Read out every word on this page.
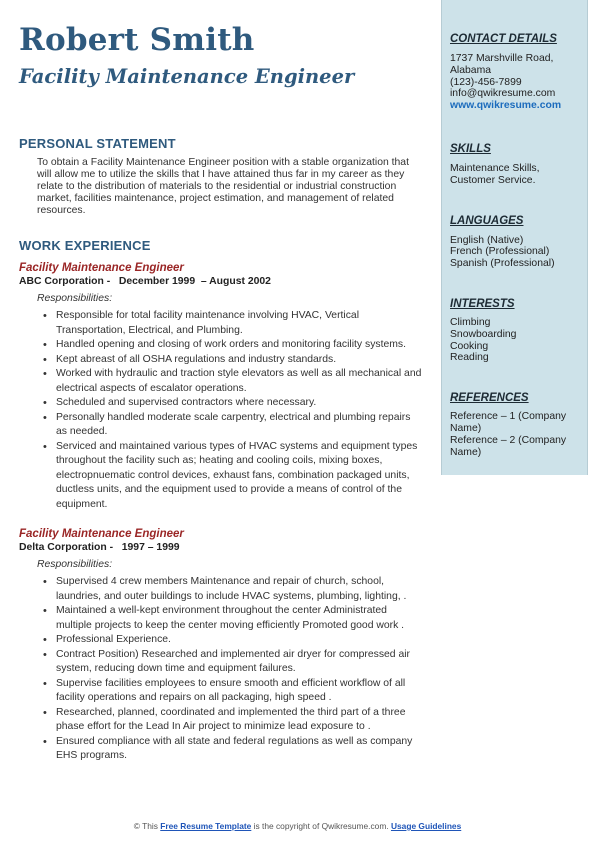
Robert Smith
Facility Maintenance Engineer
PERSONAL STATEMENT
To obtain a Facility Maintenance Engineer position with a stable organization that will allow me to utilize the skills that I have attained thus far in my career as they relate to the distribution of materials to the residential or industrial construction market, facilities maintenance, project estimation, and management of related resources.
WORK EXPERIENCE
Facility Maintenance Engineer
ABC Corporation -   December 1999  – August 2002
Responsibilities:
• Responsible for total facility maintenance involving HVAC, Vertical Transportation, Electrical, and Plumbing.
• Handled opening and closing of work orders and monitoring facility systems.
• Kept abreast of all OSHA regulations and industry standards.
• Worked with hydraulic and traction style elevators as well as all mechanical and electrical aspects of escalator operations.
• Scheduled and supervised contractors where necessary.
• Personally handled moderate scale carpentry, electrical and plumbing repairs as needed.
• Serviced and maintained various types of HVAC systems and equipment types throughout the facility such as; heating and cooling coils, mixing boxes, electropnuematic control devices, exhaust fans, combination packaged units, ductless units, and the equipment used to provide a means of control of the equipment.
Facility Maintenance Engineer
Delta Corporation -   1997 – 1999
Responsibilities:
• Supervised 4 crew members Maintenance and repair of church, school, laundries, and outer buildings to include HVAC systems, plumbing, lighting, .
• Maintained a well-kept environment throughout the center Administrated multiple projects to keep the center moving efficiently Promoted good work .
• Professional Experience.
• Contract Position) Researched and implemented air dryer for compressed air system, reducing down time and equipment failures.
• Supervise facilities employees to ensure smooth and efficient workflow of all facility operations and repairs on all packaging, high speed .
• Researched, planned, coordinated and implemented the third part of a three phase effort for the Lead In Air project to minimize lead exposure to .
• Ensured compliance with all state and federal regulations as well as company EHS programs.
CONTACT DETAILS
1737 Marshville Road, Alabama
(123)-456-7899
info@qwikresume.com
www.qwikresume.com
SKILLS
Maintenance Skills, Customer Service.
LANGUAGES
English (Native)
French (Professional)
Spanish (Professional)
INTERESTS
Climbing
Snowboarding
Cooking
Reading
REFERENCES
Reference – 1 (Company Name)
Reference – 2 (Company Name)
© This Free Resume Template is the copyright of Qwikresume.com. Usage Guidelines
